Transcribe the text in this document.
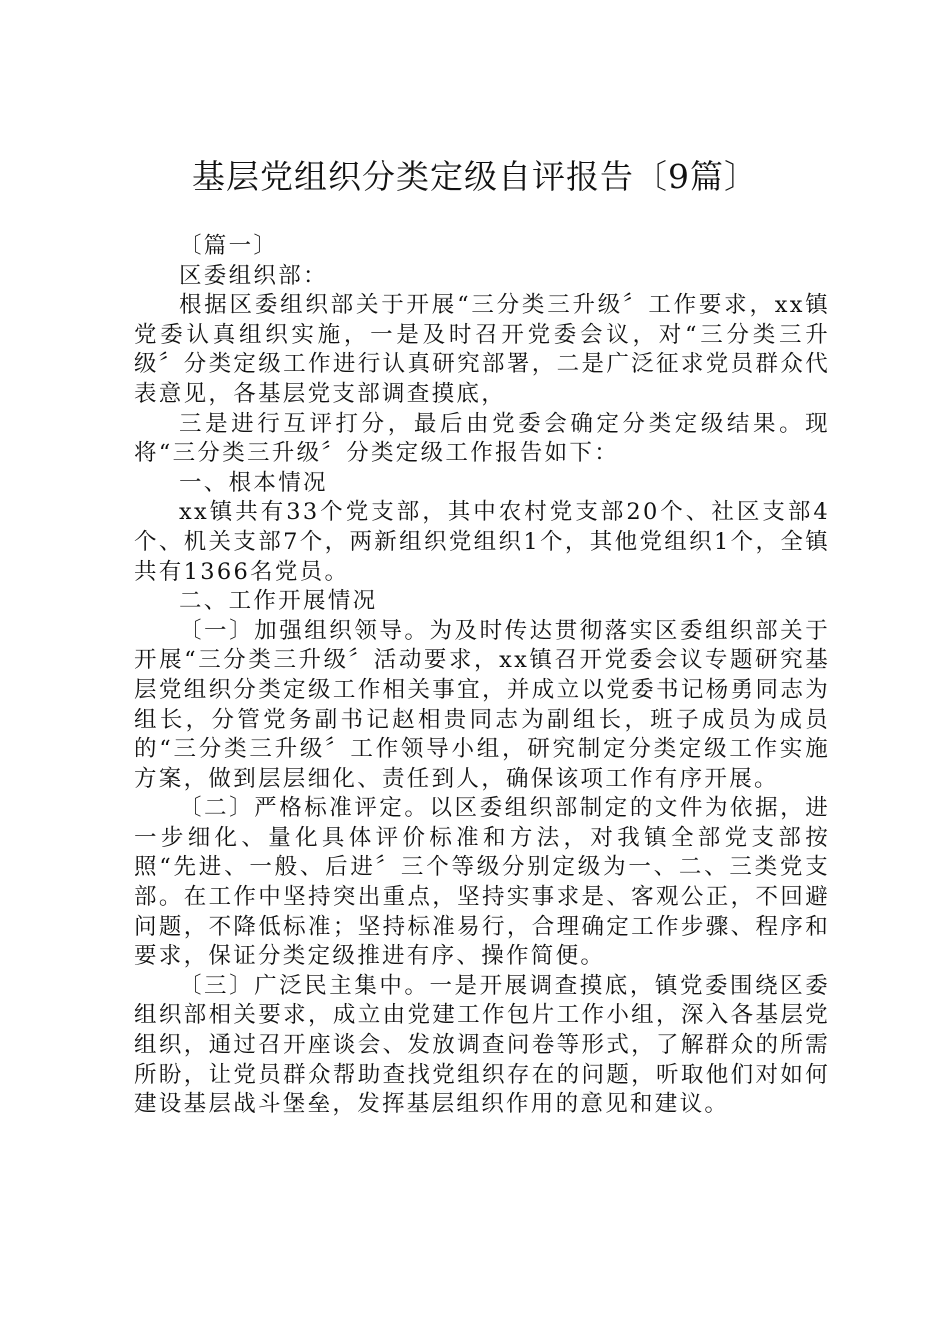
基层党组织分类定级自评报告〔9篇〕

〔篇一〕

区委组织部：

根据区委组织部关于开展“三分类三升级〞工作要求，xx镇党委认真组织实施，一是及时召开党委会议，对“三分类三升级〞分类定级工作进行认真研究部署，二是广泛征求党员群众代表意见，各基层党支部调查摸底，

三是进行互评打分，最后由党委会确定分类定级结果。现将“三分类三升级〞分类定级工作报告如下：

一、根本情况

xx镇共有33个党支部，其中农村党支部20个、社区支部4个、机关支部7个，两新组织党组织1个，其他党组织1个，全镇共有1366名党员。

二、工作开展情况

〔一〕加强组织领导。为及时传达贯彻落实区委组织部关于开展“三分类三升级〞活动要求，xx镇召开党委会议专题研究基层党组织分类定级工作相关事宜，并成立以党委书记杨勇同志为组长，分管党务副书记赵相贵同志为副组长，班子成员为成员的“三分类三升级〞工作领导小组，研究制定分类定级工作实施方案，做到层层细化、责任到人，确保该项工作有序开展。

〔二〕严格标准评定。以区委组织部制定的文件为依据，进一步细化、量化具体评价标准和方法，对我镇全部党支部按照“先进、一般、后进〞三个等级分别定级为一、二、三类党支部。在工作中坚持突出重点，坚持实事求是、客观公正，不回避问题，不降低标准；坚持标准易行，合理确定工作步骤、程序和要求，保证分类定级推进有序、操作简便。

〔三〕广泛民主集中。一是开展调查摸底，镇党委围绕区委组织部相关要求，成立由党建工作包片工作小组，深入各基层党组织，通过召开座谈会、发放调查问卷等形式，了解群众的所需所盼，让党员群众帮助查找党组织存在的问题，听取他们对如何建设基层战斗堡垒，发挥基层组织作用的意见和建议。
